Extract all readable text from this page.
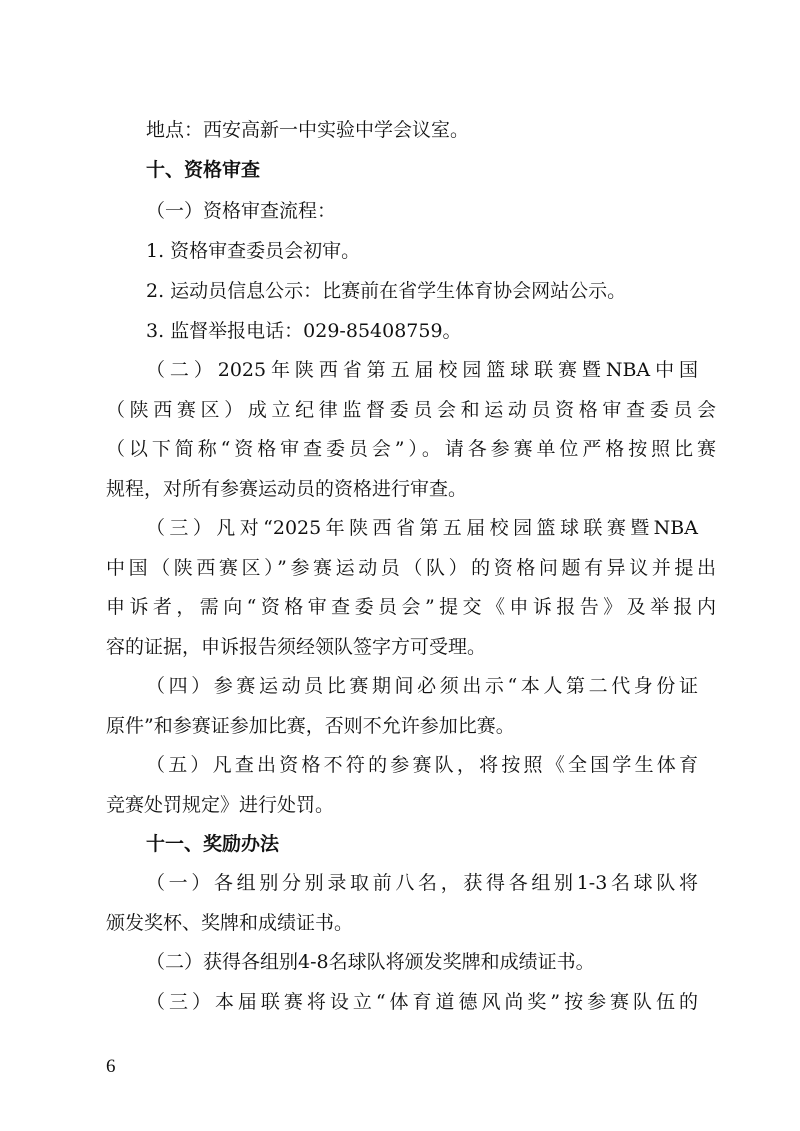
地点：西安高新一中实验中学会议室。
十、资格审查
（一）资格审查流程：
1. 资格审查委员会初审。
2. 运动员信息公示：比赛前在省学生体育协会网站公示。
3. 监督举报电话：029-85408759。
（二）2025年陕西省第五届校园篮球联赛暨NBA中国
（陕西赛区）成立纪律监督委员会和运动员资格审查委员会
（以下简称“资格审查委员会”）。请各参赛单位严格按照比赛
规程，对所有参赛运动员的资格进行审查。
（三）凡对“2025年陕西省第五届校园篮球联赛暨NBA
中国（陕西赛区）”参赛运动员（队）的资格问题有异议并提出
申诉者，需向“资格审查委员会”提交《申诉报告》及举报内
容的证据，申诉报告须经领队签字方可受理。
（四）参赛运动员比赛期间必须出示“本人第二代身份证
原件”和参赛证参加比赛，否则不允许参加比赛。
（五）凡查出资格不符的参赛队，将按照《全国学生体育
竞赛处罚规定》进行处罚。
十一、奖励办法
（一）各组别分别录取前八名，获得各组别1-3名球队将
颁发奖杯、奖牌和成绩证书。
（二）获得各组别4-8名球队将颁发奖牌和成绩证书。
（三）本届联赛将设立“体育道德风尚奖”按参赛队伍的
6
